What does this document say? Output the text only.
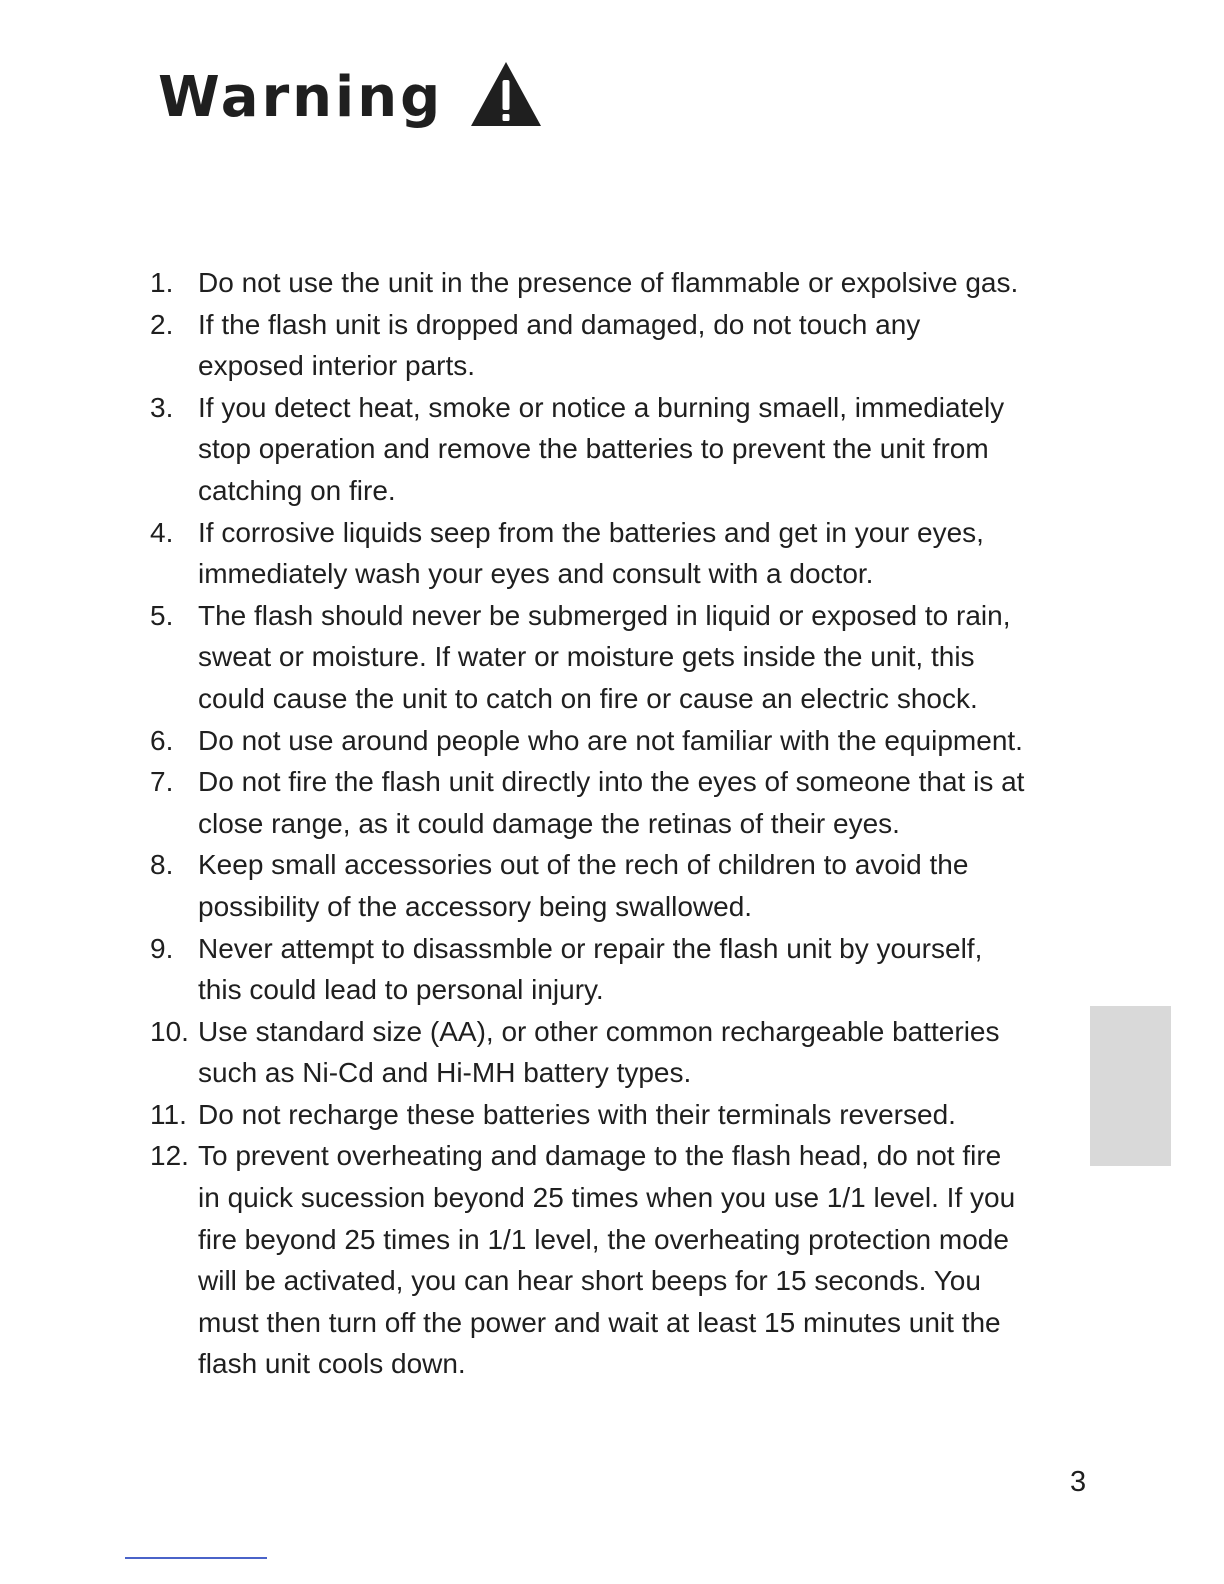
Warning
1. Do not use the unit in the presence of flammable or expolsive gas.
2. If the flash unit is dropped and damaged, do not touch any
exposed interior parts.
3. If you detect heat, smoke or notice a burning smaell, immediately
stop operation and remove the batteries to prevent the unit from
catching on fire.
4. If corrosive liquids seep from the batteries and get in your eyes,
immediately wash your eyes and consult with a doctor.
5. The flash should never be submerged in liquid or exposed to rain,
sweat or moisture. If water or moisture gets inside the unit, this
could cause the unit to catch on fire or cause an electric shock.
6. Do not use around people who are not familiar with the equipment.
7. Do not fire the flash unit directly into the eyes of someone that is at
close range, as it could damage the retinas of their eyes.
8. Keep small accessories out of the rech of children to avoid the
possibility of the accessory being swallowed.
9. Never attempt to disassmble or repair the flash unit by yourself,
this could lead to personal injury.
10. Use standard size (AA), or other common rechargeable batteries
such as Ni-Cd and Hi-MH battery types.
11. Do not recharge these batteries with their terminals reversed.
12. To prevent overheating and damage to the flash head, do not fire
in quick sucession beyond 25 times when you use 1/1 level. If you
fire beyond 25 times in 1/1 level, the overheating protection mode
will be activated, you can hear short beeps for 15 seconds. You
must then turn off the power and wait at least 15 minutes unit the
flash unit cools down.
3
